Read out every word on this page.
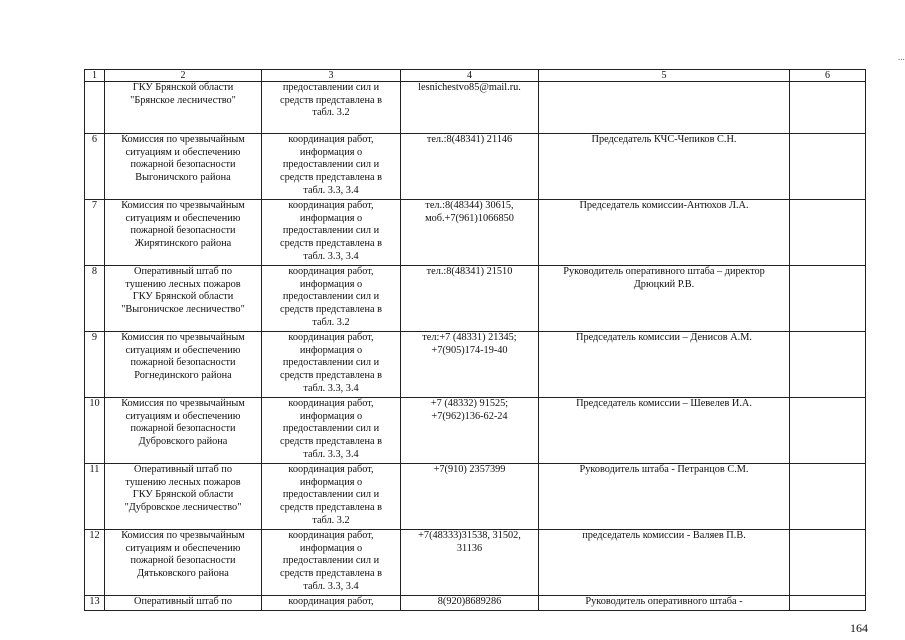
1	2	3	4	5	6
	ГКУ Брянской области
"Брянское лесничество"	предоставлении сил и
средств представлена в
табл. 3.2	lesnichestvo85@mail.ru.		
6	Комиссия по чрезвычайным
ситуациям и обеспечению
пожарной безопасности
Выгоничского района	координация работ,
информация о
предоставлении сил и
средств представлена в
табл. 3.3, 3.4	тел.:8(48341) 21146	Председатель КЧС-Чепиков С.Н.	
7	Комиссия по чрезвычайным
ситуациям и обеспечению
пожарной безопасности
Жирятинского района	координация работ,
информация о
предоставлении сил и
средств представлена в
табл. 3.3, 3.4	тел.:8(48344) 30615,
моб.+7(961)1066850	Председатель комиссии-Антюхов Л.А.	
8	Оперативный штаб по
тушению лесных пожаров
ГКУ Брянской области
"Выгоничское лесничество"	координация работ,
информация о
предоставлении сил и
средств представлена в
табл. 3.2	тел.:8(48341) 21510	Руководитель оперативного штаба – директор
Дрюцкий Р.В.	
9	Комиссия по чрезвычайным
ситуациям и обеспечению
пожарной безопасности
Рогнединского района	координация работ,
информация о
предоставлении сил и
средств представлена в
табл. 3.3, 3.4	тел:+7 (48331) 21345;
+7(905)174-19-40	Председатель комиссии – Денисов А.М.	
10	Комиссия по чрезвычайным
ситуациям и обеспечению
пожарной безопасности
Дубровского района	координация работ,
информация о
предоставлении сил и
средств представлена в
табл. 3.3, 3.4	+7 (48332) 91525;
+7(962)136-62-24	Председатель комиссии – Шевелев И.А.	
11	Оперативный штаб по
тушению лесных пожаров
ГКУ Брянской области
"Дубровское лесничество"	координация работ,
информация о
предоставлении сил и
средств представлена в
табл. 3.2	+7(910) 2357399	Руководитель штаба - Петранцов С.М.	
12	Комиссия по чрезвычайным
ситуациям и обеспечению
пожарной безопасности
Дятьковского района	координация работ,
информация о
предоставлении сил и
средств представлена в
табл. 3.3, 3.4	+7(48333)31538, 31502,
31136	председатель комиссии - Валяев П.В.	
13	Оперативный штаб по	координация работ,	8(920)8689286	Руководитель оперативного штаба -	
164
...
